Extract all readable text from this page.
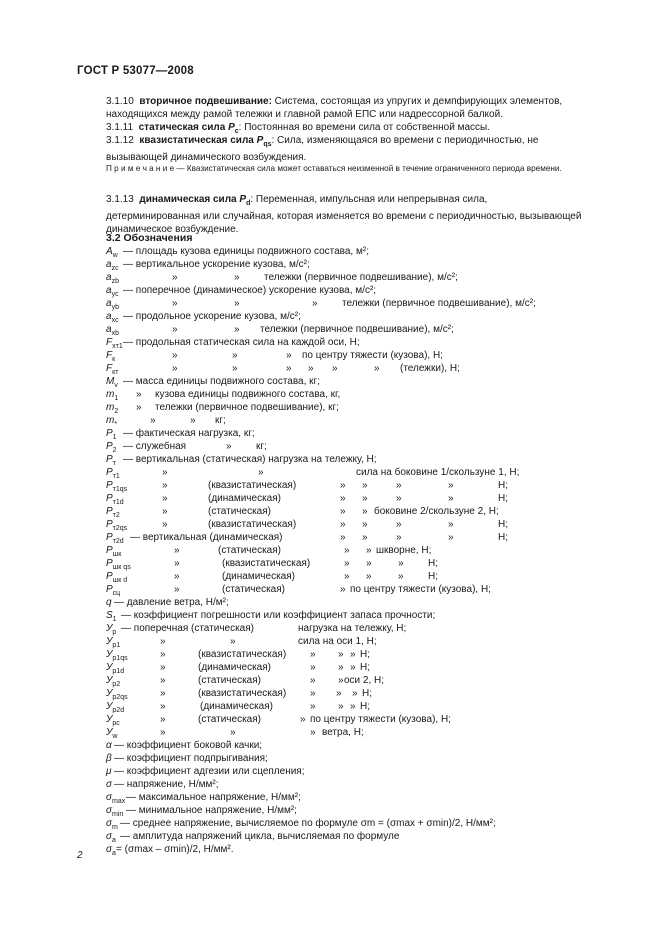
ГОСТ Р 53077—2008
3.1.10 вторичное подвешивание: Система, состоящая из упругих и демпфирующих элементов, находящихся между рамой тележки и главной рамой ЕПС или надрессорной балкой.
3.1.11 статическая сила $P_c$: Постоянная во времени сила от собственной массы.
3.1.12 квазистатическая сила $P_{qs}$: Сила, изменяющаяся во времени с периодичностью, не вызывающей динамического возбуждения.
П р и м е ч а н и е — Квазистатическая сила может оставаться неизменной в течение ограниченного периода времени.
3.1.13 динамическая сила $P_d$: Переменная, импульсная или непрерывная сила, детерминированная или случайная, которая изменяется во времени с периодичностью, вызывающей динамическое возбуждение.
3.2 Обозначения
$A_w$ — площадь кузова единицы подвижного состава, м²;
$a_{zc}$ — вертикальное ускорение кузова, м/с²;
$a_{zb}$	»	» тележки (первичное подвешивание), м/с²;
$a_{yc}$ — поперечное (динамическое) ускорение кузова, м/с²;
$a_{yb}$	»	»	» тележки (первичное подвешивание), м/с²;
$a_{xc}$ — продольное ускорение кузова, м/с²;
$a_{xb}$	»	» тележки (первичное подвешивание), м/с²;
$F_{xт1}$ — продольная статическая сила на каждой оси, Н;
$F_к$	»	»	» по центру тяжести (кузова), Н;
$F_{кт}$	»	»	» » »	» (тележки), Н;
$M_v$ — масса единицы подвижного состава, кг;
$m_1$ » кузова единицы подвижного состава, кг,
$m_2$ » тележки (первичное подвешивание), кг;
$m_*$	»	» кг;
$P_1$ — фактическая нагрузка, кг;
$P_2$ — служебная	» кг;
$P_т$ — вертикальная (статическая) нагрузка на тележку, Н;
$P_{т1}$	»	»	сила на боковине 1/скользуне 1, Н;
$P_{т1qs}$	»	(квазистатическая)	» »	»	»	Н;
$P_{т1d}$	»	(динамическая)	» »	»	»	Н;
$P_{т2}$	»	(статическая)	» » боковине 2/скользуне 2, Н;
$P_{т2qs}$	»	(квазистатическая)	» »	»	»	Н;
$P_{т2d}$ — вертикальная (динамическая)	» »	»	»	Н;
$P_{шк}$	»	(статическая)	» » шкворне, Н;
$P_{шк qs}$	»	(квазистатическая)	» »	» Н;
$P_{шк d}$	»	(динамическая)	» »	» Н;
$P_{сц}$	»	(статическая)	» по центру тяжести (кузова), Н;
q — давление ветра, Н/м²;
$S_1$ — коэффициент погрешности или коэффициент запаса прочности;
$У_p$ — поперечная (статическая)	нагрузка на тележку, Н;
$У_{p1}$	»	»	сила на оси 1, Н;
$У_{p1qs}$	»	(квазистатическая) » » » Н;
$У_{p1d}$	»	(динамическая)	» » » Н;
$У_{p2}$	»	(статическая)	» » оси 2, Н;
$У_{p2qs}$	»	(квазистатическая) » » » Н;
$У_{p2d}$	»	(динамическая)	» » » Н;
$У_{pc}$	»	(статическая)	» по центру тяжести (кузова), Н;
$У_w$	»	»	» ветра, Н;
α — коэффициент боковой качки;
β — коэффициент подпрыгивания;
μ — коэффициент адгезии или сцепления;
σ — напряжение, Н/мм²;
$\sigma_{max}$ — максимальное напряжение, Н/мм²;
$\sigma_{min}$ — минимальное напряжение, Н/мм²;
$\sigma_m$ — среднее напряжение, вычисляемое по формуле σm = (σmax + σmin)/2, Н/мм²;
$\sigma_a$ — амплитуда напряжений цикла, вычисляемая по формуле
$\sigma_a = (\sigma\max - \sigma\min)/2$, Н/мм².
2
